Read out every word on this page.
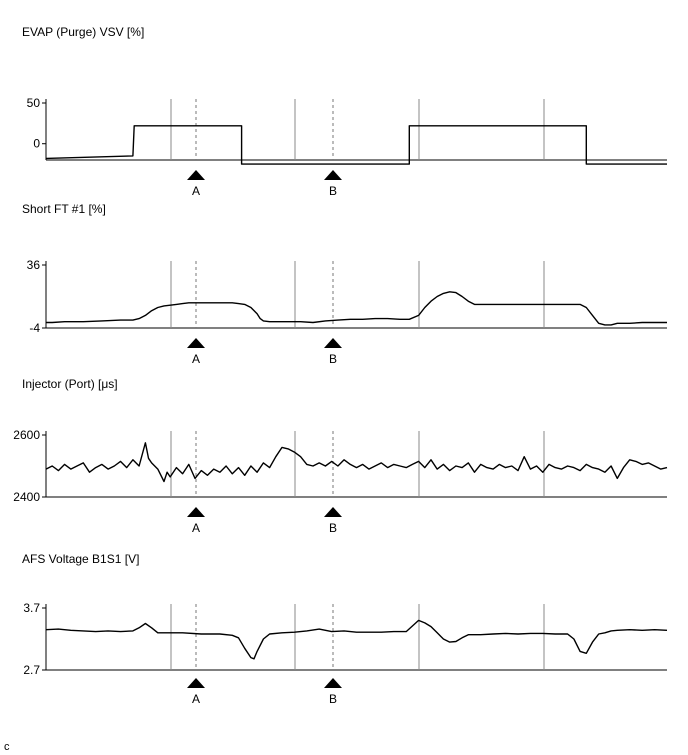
c
EVAP (Purge) VSV [%]
50
0
A	B
Short FT #1 [%]
36
-4
A	B
Injector (Port) [μs]
2600
2400
A	B
AFS Voltage B1S1 [V]
3.7
2.7
A	B
